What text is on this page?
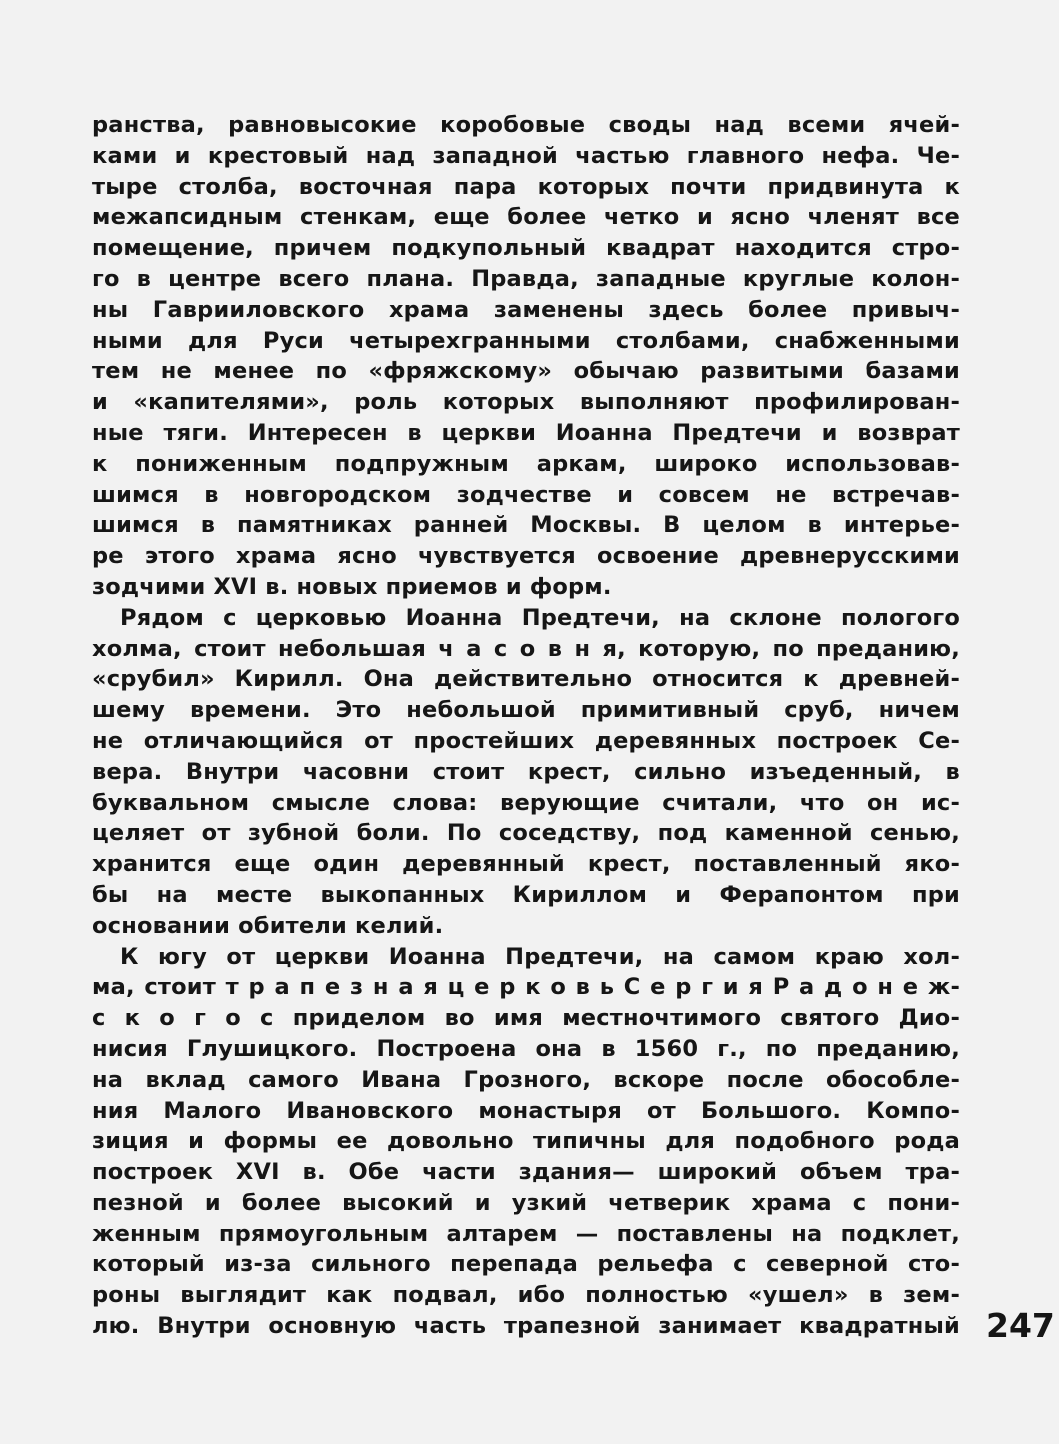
ранства, равновысокие коробовые своды над всеми ячей-
ками и крестовый над западной частью главного нефа. Че-
тыре столба, восточная пара которых почти придвинута к
межапсидным стенкам, еще более четко и ясно членят все
помещение, причем подкупольный квадрат находится стро-
го в центре всего плана. Правда, западные круглые колон-
ны Гаврииловского храма заменены здесь более привыч-
ными для Руси четырехгранными столбами, снабженными
тем не менее по «фряжскому» обычаю развитыми базами
и «капителями», роль которых выполняют профилирован-
ные тяги. Интересен в церкви Иоанна Предтечи и возврат
к пониженным подпружным аркам, широко использовав-
шимся в новгородском зодчестве и совсем не встречав-
шимся в памятниках ранней Москвы. В целом в интерье-
ре этого храма ясно чувствуется освоение древнерусскими
зодчими XVI в. новых приемов и форм.
Рядом с церковью Иоанна Предтечи, на склоне пологого
холма, стоит небольшая ч а с о в н я, которую, по преданию,
«срубил» Кирилл. Она действительно относится к древней-
шему времени. Это небольшой примитивный сруб, ничем
не отличающийся от простейших деревянных построек Се-
вера. Внутри часовни стоит крест, сильно изъеденный, в
буквальном смысле слова: верующие считали, что он ис-
целяет от зубной боли. По соседству, под каменной сенью,
хранится еще один деревянный крест, поставленный яко-
бы на месте выкопанных Кириллом и Ферапонтом при
основании обители келий.
К югу от церкви Иоанна Предтечи, на самом краю хол-
ма, стоит т р а п е з н а я ц е р к о в ь С е р г и я Р а д о н е ж-
с к о г о с приделом во имя местночтимого святого Дио-
нисия Глушицкого. Построена она в 1560 г., по преданию,
на вклад самого Ивана Грозного, вскоре после обособле-
ния Малого Ивановского монастыря от Большого. Компо-
зиция и формы ее довольно типичны для подобного рода
построек XVI в. Обе части здания— широкий объем тра-
пезной и более высокий и узкий четверик храма с пони-
женным прямоугольным алтарем — поставлены на подклет,
который из-за сильного перепада рельефа с северной сто-
роны выглядит как подвал, ибо полностью «ушел» в зем-
лю. Внутри основную часть трапезной занимает квадратный 247
